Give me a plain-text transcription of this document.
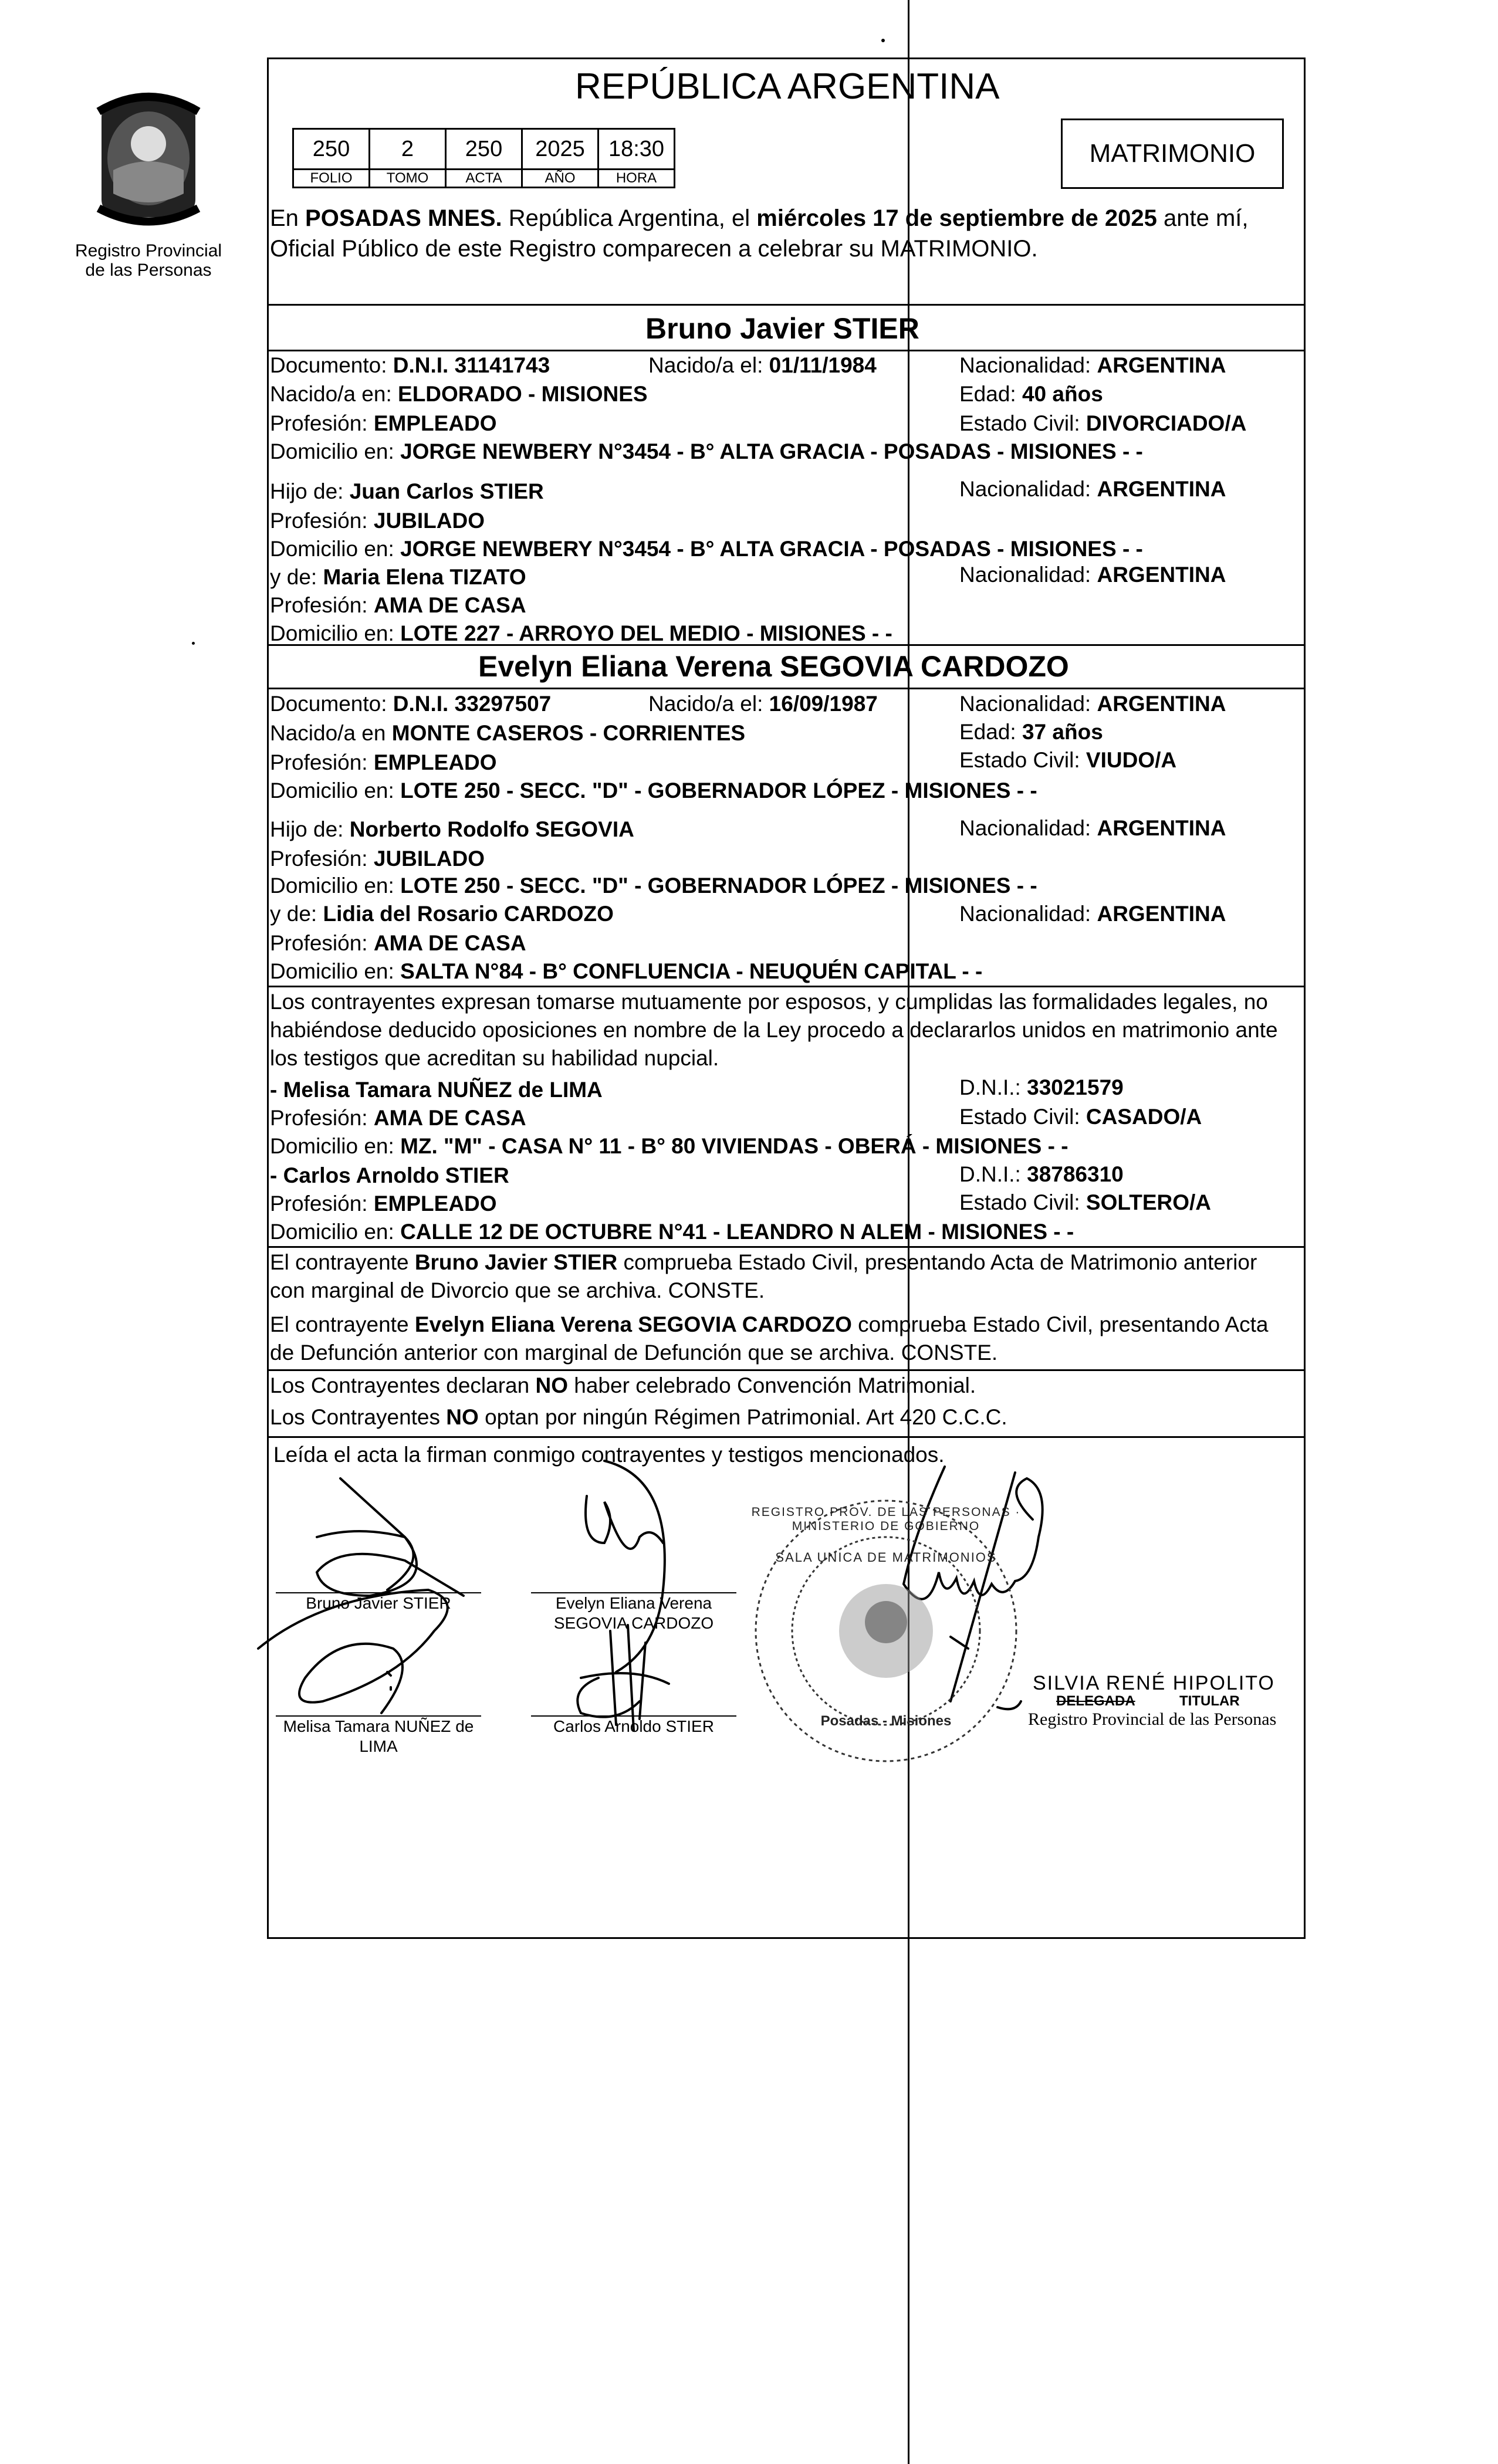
Registro Provincial
de las Personas
REPÚBLICA ARGENTINA
250	2	250	2025	18:30
FOLIO	TOMO	ACTA	AÑO	HORA
MATRIMONIO
En POSADAS MNES. República Argentina, el miércoles 17 de septiembre de 2025 ante mí,
Oficial Público de este Registro comparecen a celebrar su MATRIMONIO.
Bruno Javier STIER
Documento: D.N.I. 31141743	Nacido/a el: 01/11/1984	Nacionalidad: ARGENTINA
Nacido/a en: ELDORADO - MISIONES	Edad: 40 años
Profesión: EMPLEADO	Estado Civil: DIVORCIADO/A
Domicilio en: JORGE NEWBERY N°3454 - B° ALTA GRACIA - POSADAS - MISIONES - -
Hijo de: Juan Carlos STIER	Nacionalidad: ARGENTINA
Profesión: JUBILADO
Domicilio en: JORGE NEWBERY N°3454 - B° ALTA GRACIA - POSADAS - MISIONES - -
y de: Maria Elena TIZATO	Nacionalidad: ARGENTINA
Profesión: AMA DE CASA
Domicilio en: LOTE 227 - ARROYO DEL MEDIO - MISIONES - -
Evelyn Eliana Verena SEGOVIA CARDOZO
Documento: D.N.I. 33297507	Nacido/a el: 16/09/1987	Nacionalidad: ARGENTINA
Nacido/a en MONTE CASEROS - CORRIENTES	Edad: 37 años
Profesión: EMPLEADO	Estado Civil: VIUDO/A
Domicilio en: LOTE 250 - SECC. "D" - GOBERNADOR LÓPEZ - MISIONES - -
Hijo de: Norberto Rodolfo SEGOVIA	Nacionalidad: ARGENTINA
Profesión: JUBILADO
Domicilio en: LOTE 250 - SECC. "D" - GOBERNADOR LÓPEZ - MISIONES - -
y de: Lidia del Rosario CARDOZO	Nacionalidad: ARGENTINA
Profesión: AMA DE CASA
Domicilio en: SALTA N°84 - B° CONFLUENCIA - NEUQUÉN CAPITAL - -
Los contrayentes expresan tomarse mutuamente por esposos, y cumplidas las formalidades legales, no
habiéndose deducido oposiciones en nombre de la Ley procedo a declararlos unidos en matrimonio ante
los testigos que acreditan su habilidad nupcial.
- Melisa Tamara NUÑEZ de LIMA	D.N.I.: 33021579
Profesión: AMA DE CASA	Estado Civil: CASADO/A
Domicilio en: MZ. "M" - CASA N° 11 - B° 80 VIVIENDAS - OBERÁ - MISIONES - -
- Carlos Arnoldo STIER	D.N.I.: 38786310
Profesión: EMPLEADO	Estado Civil: SOLTERO/A
Domicilio en: CALLE 12 DE OCTUBRE N°41 - LEANDRO N ALEM - MISIONES - -
El contrayente Bruno Javier STIER comprueba Estado Civil, presentando Acta de Matrimonio anterior
con marginal de Divorcio que se archiva. CONSTE.
El contrayente Evelyn Eliana Verena SEGOVIA CARDOZO comprueba Estado Civil, presentando Acta
de Defunción anterior con marginal de Defunción que se archiva. CONSTE.
Los Contrayentes declaran NO haber celebrado Convención Matrimonial.
Los Contrayentes NO optan por ningún Régimen Patrimonial. Art 420 C.C.C.
Leída el acta la firman conmigo contrayentes y testigos mencionados.
Bruno Javier STIER	Evelyn Eliana Verena
SEGOVIA CARDOZO
Melisa Tamara NUÑEZ de
LIMA
Carlos Arnoldo STIER
SALA UNICA DE MATRIMONIOS
REGISTRO PROV. DE LAS PERSONAS · MINISTERIO DE GOBIERNO
Posadas - Misiones
SILVIA RENÉ HIPOLITO
DELEGADA	TITULAR
Registro Provincial de las Personas
